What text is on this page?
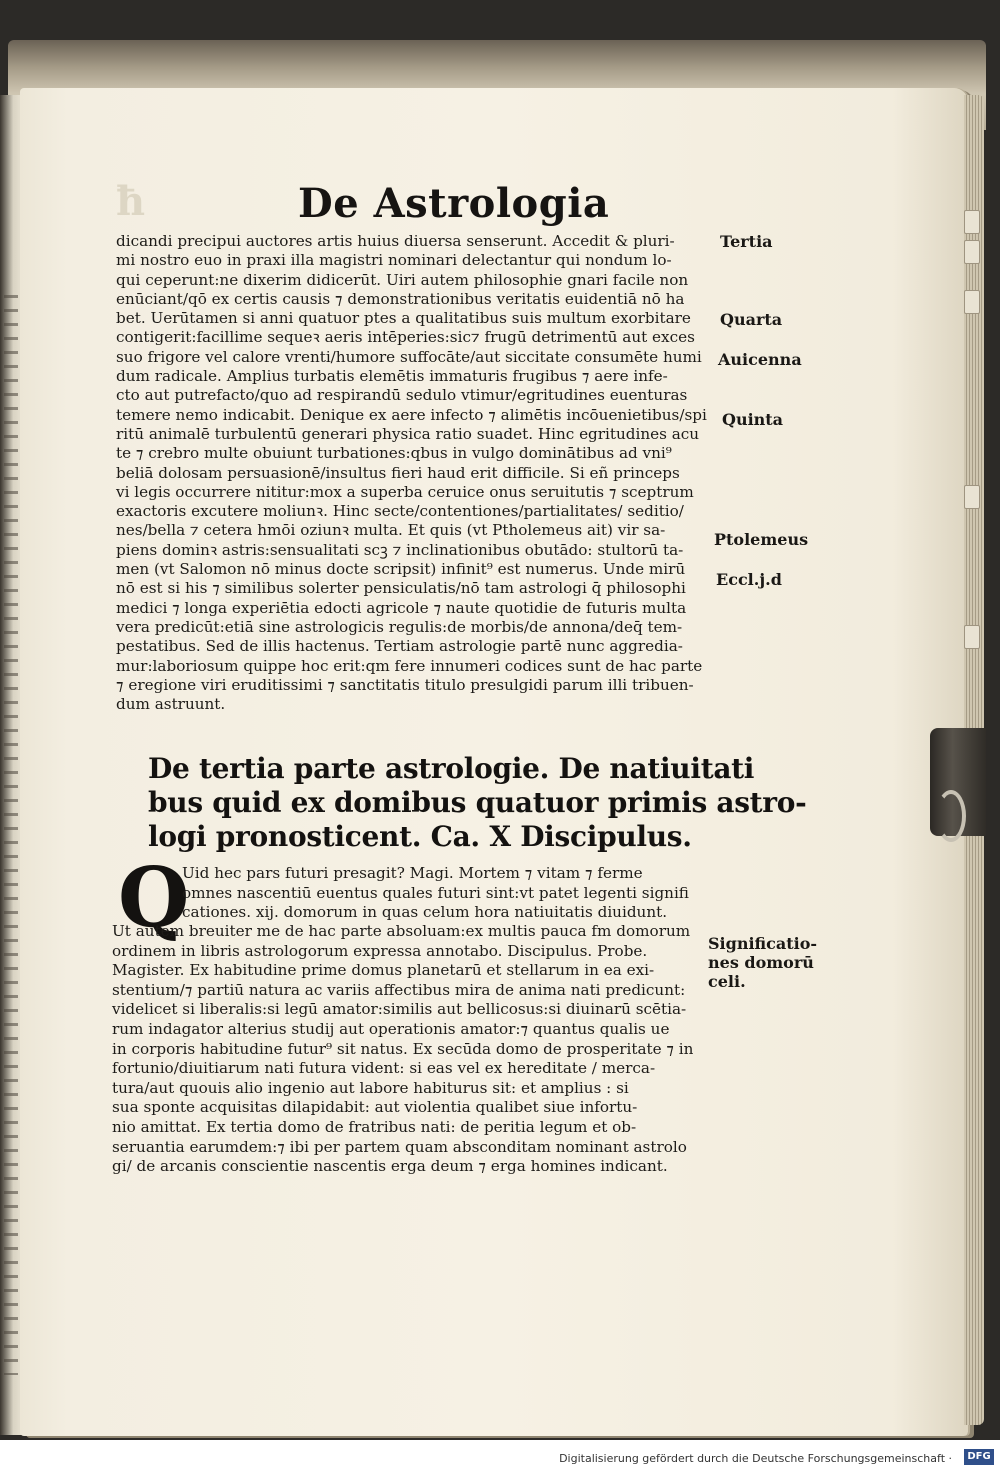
ħ	De Astrologia
dicandi precipui auctores artis huius diuersa senserunt. Accedit & pluri-
mi nostro euo in praxi illa magistri nominari delectantur qui nondum lo-
qui ceperunt:ne dixerim didicerūt. Uiri autem philosophie gnari facile non
enūciant/qō ex certis causis ⁊ demonstrationibus veritatis euidentiā nō ha
bet. Uerūtamen si anni quatuor ptes a qualitatibus suis multum exorbitare
contigerit:facillime sequeꝛ aeris intēperies:sic⁊ frugū detrimentū aut exces
suo frigore vel calore vrenti/humore suffocāte/aut siccitate consumēte humi
dum radicale. Amplius turbatis elemētis immaturis frugibus ⁊ aere infe-
cto aut putrefacto/quo ad respirandū sedulo vtimur/egritudines euenturas
temere nemo indicabit. Denique ex aere infecto ⁊ alimētis incōuenietibus/spi
ritū animalē turbulentū generari physica ratio suadet. Hinc egritudines acu
te ⁊ crebro multe obuiunt turbationes:qbus in vulgo dominātibus ad vni⁹
beliā dolosam persuasionē/insultus fieri haud erit difficile. Si eñ princeps
vi legis occurrere nititur:mox a superba ceruice onus seruitutis ⁊ sceptrum
exactoris excutere moliunꝛ. Hinc secte/contentiones/partialitates/ seditio/
nes/bella ⁊ cetera hmōi oziunꝛ multa. Et quis (vt Ptholemeus ait) vir sa-
piens dominꝛ astris:sensualitati scꝫ ⁊ inclinationibus obutādo: stultorū ta-
men (vt Salomon nō minus docte scripsit) infinit⁹ est numerus. Unde mirū
nō est si his ⁊ similibus solerter pensiculatis/nō tam astrologi q̄ philosophi
medici ⁊ longa experiētia edocti agricole ⁊ naute quotidie de futuris multa
vera predicūt:etiā sine astrologicis regulis:de morbis/de annona/deq̄ tem-
pestatibus. Sed de illis hactenus. Tertiam astrologie partē nunc aggredia-
mur:laboriosum quippe hoc erit:qm fere innumeri codices sunt de hac parte
⁊ eregione viri eruditissimi ⁊ sanctitatis titulo presulgidi parum illi tribuen-
dum astruunt.
Tertia
Quarta
Auicenna
Quinta
Ptolemeus
Eccl.j.d
De tertia parte astrologie. De natiuitati
bus quid ex domibus quatuor primis astro-
logi pronosticent. Ca. X Discipulus.
Q
Uid hec pars futuri presagit? Magi. Mortem ⁊ vitam ⁊ ferme
omnes nascentiū euentus quales futuri sint:vt patet legenti signifi
cationes. xij. domorum in quas celum hora natiuitatis diuidunt.
Ut autem breuiter me de hac parte absoluam:ex multis pauca fm domorum
ordinem in libris astrologorum expressa annotabo. Discipulus. Probe.
Magister. Ex habitudine prime domus planetarū et stellarum in ea exi-
stentium/⁊ partiū natura ac variis affectibus mira de anima nati predicunt:
videlicet si liberalis:si legū amator:similis aut bellicosus:si diuinarū scētia-
rum indagator alterius studij aut operationis amator:⁊ quantus qualis ue
in corporis habitudine futur⁹ sit natus. Ex secūda domo de prosperitate ⁊ in
fortunio/diuitiarum nati futura vident: si eas vel ex hereditate / merca-
tura/aut quouis alio ingenio aut labore habiturus sit: et amplius : si
sua sponte acquisitas dilapidabit: aut violentia qualibet siue infortu-
nio amittat. Ex tertia domo de fratribus nati: de peritia legum et ob-
seruantia earumdem:⁊ ibi per partem quam absconditam nominant astrolo
gi/ de arcanis conscientie nascentis erga deum ⁊ erga homines indicant.
Significatio-
nes domorū
celi.
Digitalisierung gefördert durch die Deutsche Forschungsgemeinschaft ·	DFG
